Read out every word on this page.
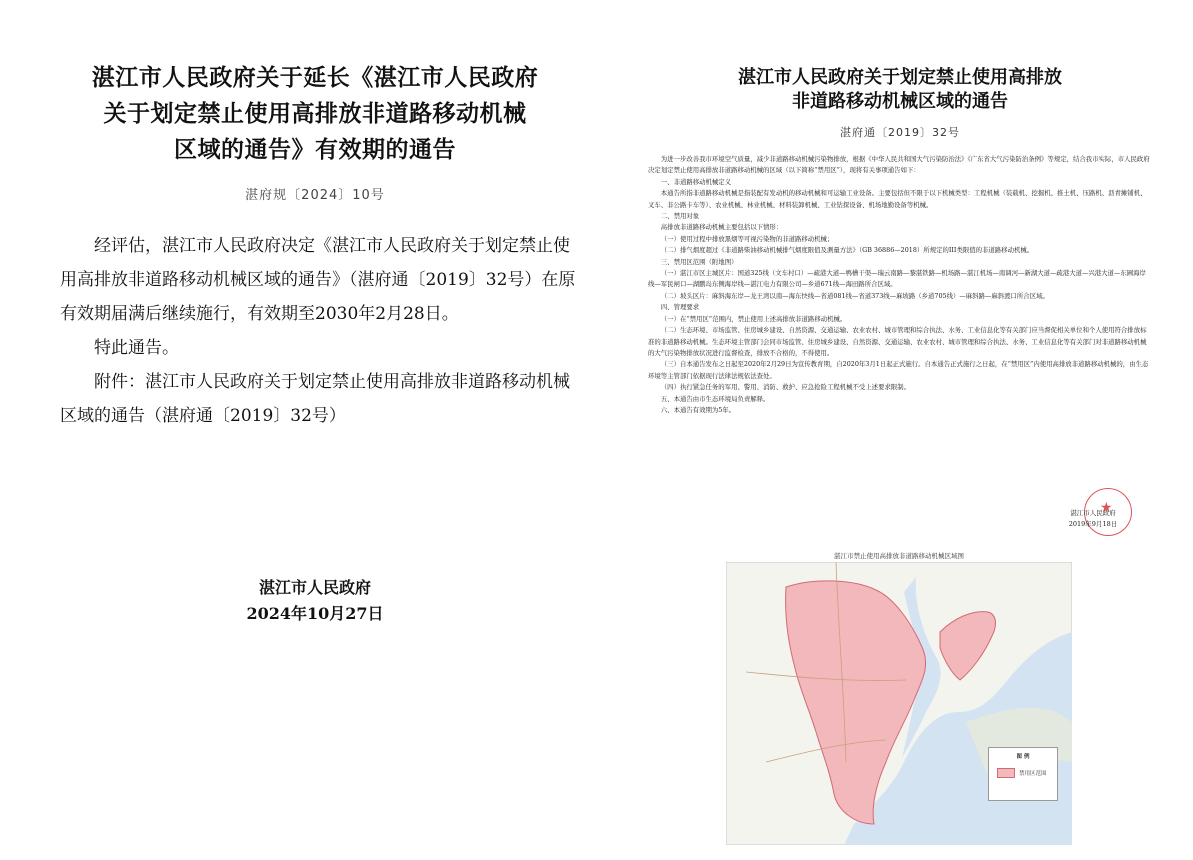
湛江市人民政府关于延长《湛江市人民政府
关于划定禁止使用高排放非道路移动机械
区域的通告》有效期的通告
湛府规〔2024〕10号

经评估，湛江市人民政府决定《湛江市人民政府关于划定禁止使用高排放非道路移动机械区域的通告》（湛府通〔2019〕32号）在原有效期届满后继续施行，有效期至2030年2月28日。

特此通告。

附件：湛江市人民政府关于划定禁止使用高排放非道路移动机械区域的通告（湛府通〔2019〕32号）

湛江市人民政府
2024年10月27日
湛江市人民政府关于划定禁止使用高排放
非道路移动机械区域的通告
湛府通〔2019〕32号

为进一步改善我市环境空气质量，减少非道路移动机械污染物排放，根据《中华人民共和国大气污染防治法》《广东省大气污染防治条例》等规定，结合我市实际，市人民政府决定划定禁止使用高排放非道路移动机械的区域（以下简称“禁用区”），现将有关事项通告如下：

一、非道路移动机械定义

本通告所指非道路移动机械是指装配有发动机的移动机械和可运输工业设备。主要包括但不限于以下机械类型：工程机械（装载机、挖掘机、推土机、压路机、沥青摊铺机、叉车、非公路卡车等）、农业机械、林业机械、材料装卸机械、工业钻探设备、机场地勤设备等机械。

二、禁用对象

高排放非道路移动机械主要包括以下情形：

（一）使用过程中排放黑烟等可视污染物的非道路移动机械；

（二）排气烟度超过《非道路柴油移动机械排气烟度限值及测量方法》（GB 36886—2018）所规定的III类限值的非道路移动机械。

三、禁用区范围（附地图）

（一）湛江市区主城区片：国道325线（文车村口）—疏港大道—鸭槽干渠—瑞云南路—黎湛铁路—机场路—湛江机场—南调河—新湖大道—疏港大道—兴港大道—东圃海岸线—军民闸口—湖鹏岛东侧海岸线—湛江电力有限公司—乡道671线—海田路所合区域。

（二）坡头区片：麻斜海东岸—龙王湾以南—海东快线—省道081线—省道373线—麻坡路（乡道705线）—麻斜路—麻斜渡口所合区域。

四、管理要求

（一）在“禁用区”范围内，禁止使用上述高排放非道路移动机械。

（二）生态环境、市场监管、住房城乡建设、自然资源、交通运输、农业农村、城市管理和综合执法、水务、工业信息化等有关部门应当督促相关单位和个人使用符合排放标准的非道路移动机械。生态环境主管部门会同市场监管、住房城乡建设、自然资源、交通运输、农业农村、城市管理和综合执法、水务、工业信息化等有关部门对非道路移动机械的大气污染物排放状况进行监督检查，排放不合格的，不得使用。

（三）自本通告发布之日起至2020年2月29日为宣传教育期，自2020年3月1日起正式施行。自本通告正式施行之日起，在“禁用区”内使用高排放非道路移动机械的，由生态环境等主管部门依据现行法律法规依法查处。

（四）执行紧急任务的军用、警用、消防、救护、应急抢险工程机械不受上述要求限制。

五、本通告由市生态环境局负责解释。

六、本通告有效期为5年。

★
湛江市人民政府
2019年9月18日
湛江市禁止使用高排放非道路移动机械区域图
图 例
禁用区范围
